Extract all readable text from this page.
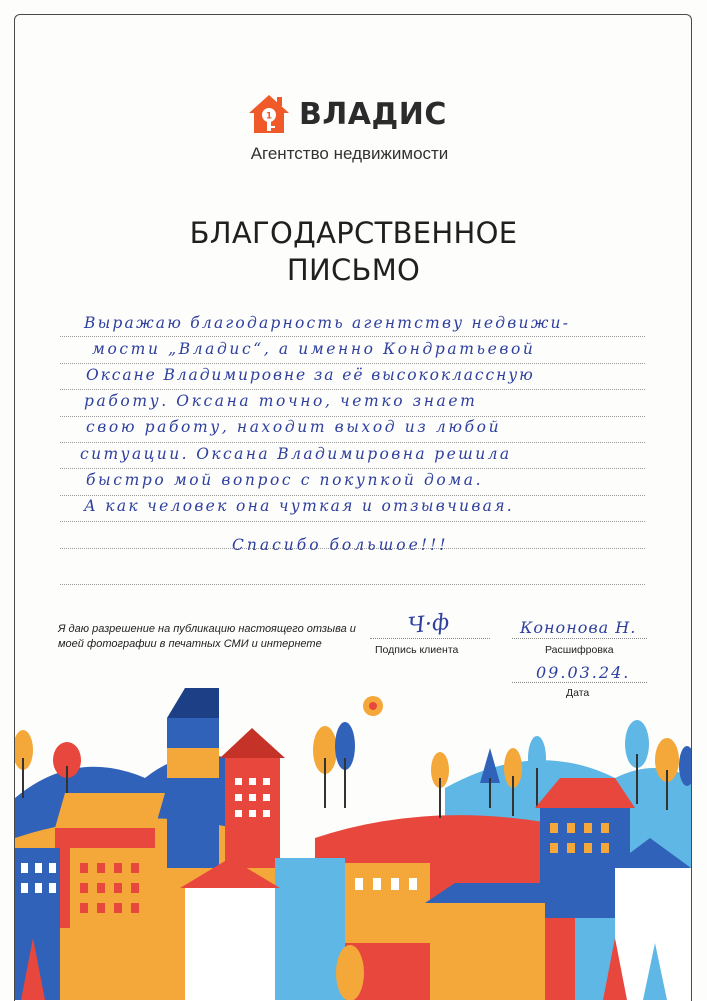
1 ВЛАДИС
Агентство недвижимости
БЛАГОДАРСТВЕННОЕ
ПИСЬМО
Выражаю благодарность агентству недвижи-
мости „Владис“, а именно Кондратьевой
Оксане Владимировне за её высококлассную
работу. Оксана точно, четко знает
свою работу, находит выход из любой
ситуации. Оксана Владимировна решила
быстро мой вопрос с покупкой дома.
А как человек она чуткая и отзывчивая.
Спасибо большое!!!
Я даю разрешение на публикацию настоящего отзыва и моей фотографии в печатных СМИ и интернете
Ч·ф
Подпись клиента
Кононова Н.
Расшифровка
09.03.24.
Дата
